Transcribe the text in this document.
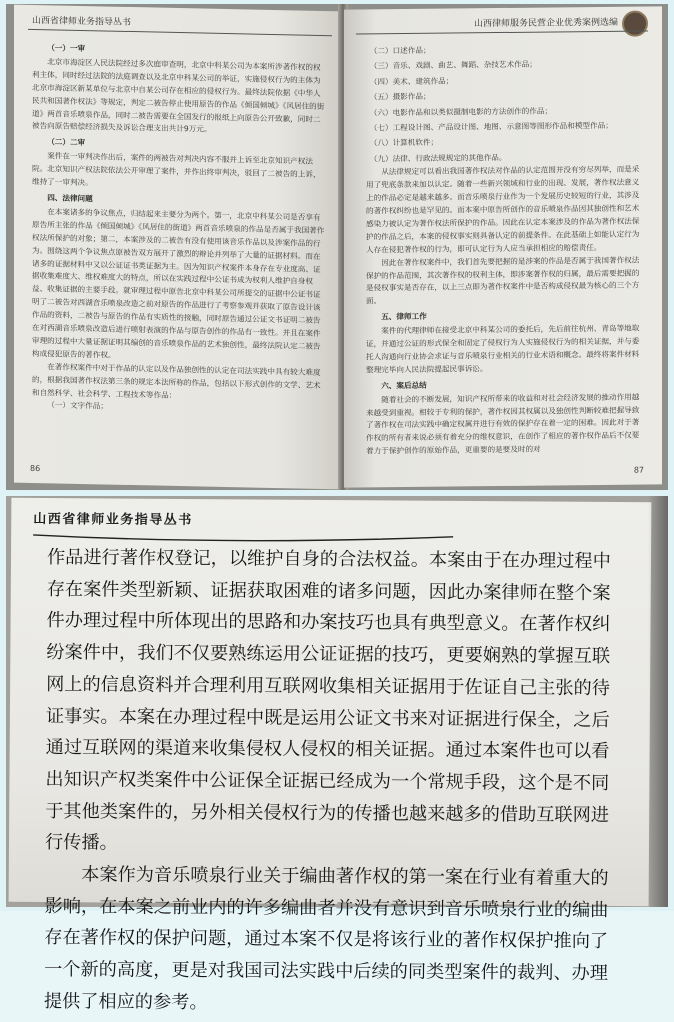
山西省律师业务指导丛书

（一）一审

北京市海淀区人民法院经过多次庭审查明，北京中科某公司为本案所涉著作权的权利主体，同时经过法院的法庭调查以及北京中科某公司的举证，实施侵权行为的主体为北京市海淀区新某单位与北京中自某公司存在相应的侵权行为。最终法院依据《中华人民共和国著作权法》等规定，判定二被告停止使用原告的作品《倾国倾城》《风居住的街道》两首音乐喷泉作品，同时二被告需要在全国发行的报纸上向原告公开致歉，同时二被告向原告赔偿经济损失及诉讼合理支出共计9万元。

（二）二审

案件在一审判决作出后，案件的两被告对判决内容不服并上诉至北京知识产权法院。北京知识产权法院依法公开审理了案件，并作出终审判决，驳回了二被告的上诉，维持了一审判决。

四、法律问题

在本案诸多的争议焦点，归结起来主要分为两个。第一，北京中科某公司是否享有原告所主张的作品《倾国倾城》《风居住的街道》两首音乐喷泉的作品是否属于我国著作权法所保护的对象；第二，本案涉及的二被告有没有使用该音乐作品以及涉案作品的行为。围绕这两个争议焦点原被告双方展开了激烈的辩论并列举了大量的证据材料。而在诸多的证据材料中又以公证证书类证据为主。因为知识产权案件本身存在专业度高、证据收集难度大、维权难度大的特点，所以在实践过程中公证书成为权利人维护自身权益、收集证据的主要手段。就审理过程中原告北京中科某公司所提交的证据中公证书证明了二被告对西湖音乐喷泉改造之前对原告的作品进行了考察参观并获取了原告设计该作品的资料，二被告与原告的作品有实质性的接触，同时原告通过公证文书证明二被告在对西湖音乐喷泉改造后进行喷射表演的作品与原告创作的作品有一致性。并且在案件审理的过程中大量证据证明其编创的音乐喷泉作品的艺术独创性，最终法院认定二被告构成侵犯原告的著作权。

在著作权案件中对于作品的认定以及作品独创性的认定在司法实践中具有较大难度的，根据我国著作权法第三条的规定本法所称的作品，包括以下形式创作的文学、艺术和自然科学、社会科学、工程技术等作品：

（一）文字作品；

86
山西律师服务民营企业优秀案例选编

（二）口述作品；

（三）音乐、戏剧、曲艺、舞蹈、杂技艺术作品；

（四）美术、建筑作品；

（五）摄影作品；

（六）电影作品和以类似摄制电影的方法创作的作品；

（七）工程设计图、产品设计图、地图、示意图等图形作品和模型作品；

（八）计算机软件；

（九）法律、行政法规规定的其他作品。

从法律规定可以看出我国著作权法对作品的认定范围并没有穷尽列举，而是采用了兜底条款来加以认定。随着一些新兴领域和行业的出现、发展，著作权法意义上的作品必定是越来越多。而音乐喷泉行业作为一个发展历史较短的行业，其涉及的著作权纠纷也是罕见的。而本案中原告所创作的音乐喷泉作品因其独创性和艺术感染力被认定为著作权法所保护的作品。因此在认定本案涉及的作品为著作权法保护的作品之后，本案的侵权事实则具备认定的前提条件。在此基础上如能认定行为人存在侵犯著作权的行为，即可认定行为人应当承担相应的赔偿责任。

因此在著作权案件中，我们首先要把握的是涉案的作品是否属于我国著作权法保护的作品范围，其次著作权的权利主体，即涉案著作权的归属，最后需要把握的是侵权事实是否存在，以上三点即为著作权案件中是否构成侵权最为核心的三个方面。

五、律师工作

案件的代理律师在接受北京中科某公司的委托后，先后前往杭州、青岛等地取证，并通过公证的形式保全和固定了侵权行为人实施侵权行为的相关证据，并与委托人沟通向行业协会求证与音乐喷泉行业相关的行业术语和概念。最终将案件材料整理完毕向人民法院提起民事诉讼。

六、案后总结

随着社会的不断发展，知识产权所带来的收益和对社会经济发展的推动作用越来越受到重视。相较于专利的保护，著作权因其权属以及独创性判断较难把握导致了著作权在司法实践中确定权属并进行有效的保护存在着一定的困难。因此对于著作权的所有者来说必须有着充分的维权意识，在创作了相应的著作权作品后不仅要着力于保护创作的原始作品，更重要的是要及时的对

87
山西省律师业务指导丛书

作品进行著作权登记，以维护自身的合法权益。本案由于在办理过程中存在案件类型新颖、证据获取困难的诸多问题，因此办案律师在整个案件办理过程中所体现出的思路和办案技巧也具有典型意义。在著作权纠纷案件中，我们不仅要熟练运用公证证据的技巧，更要娴熟的掌握互联网上的信息资料并合理利用互联网收集相关证据用于佐证自己主张的待证事实。本案在办理过程中既是运用公证文书来对证据进行保全，之后通过互联网的渠道来收集侵权人侵权的相关证据。通过本案件也可以看出知识产权类案件中公证保全证据已经成为一个常规手段，这个是不同于其他类案件的，另外相关侵权行为的传播也越来越多的借助互联网进行传播。

本案作为音乐喷泉行业关于编曲著作权的第一案在行业有着重大的影响，在本案之前业内的许多编曲者并没有意识到音乐喷泉行业的编曲存在著作权的保护问题，通过本案不仅是将该行业的著作权保护推向了一个新的高度，更是对我国司法实践中后续的同类型案件的裁判、办理提供了相应的参考。
